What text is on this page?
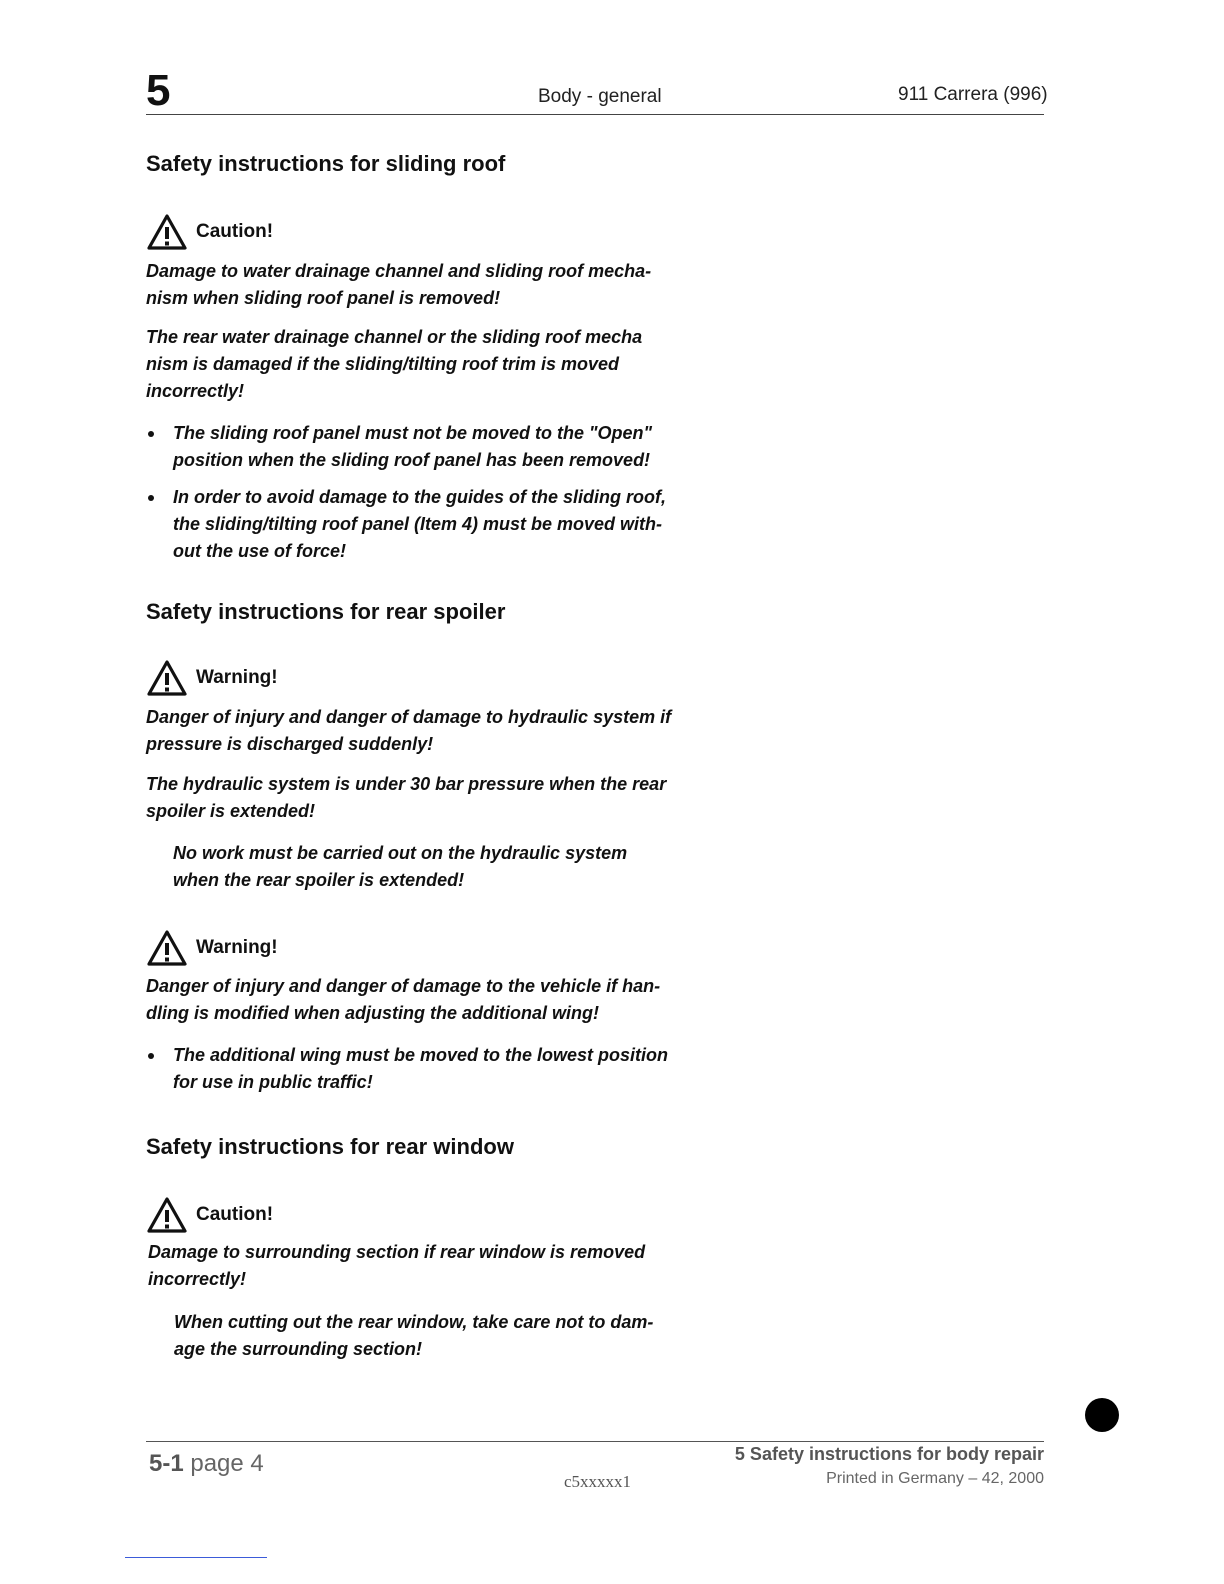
5	Body - general	911 Carrera (996)
Safety instructions for sliding roof
Caution!
Damage to water drainage channel and sliding roof mecha-nism when sliding roof panel is removed!
The rear water drainage channel or the sliding roof mecha nism is damaged if the sliding/tilting roof trim is moved incorrectly!
The sliding roof panel must not be moved to the "Open" position when the sliding roof panel has been removed!
In order to avoid damage to the guides of the sliding roof, the sliding/tilting roof panel (Item 4) must be moved with-out the use of force!
Safety instructions for rear spoiler
Warning!
Danger of injury and danger of damage to hydraulic system if pressure is discharged suddenly!
The hydraulic system is under 30 bar pressure when the rear spoiler is extended!
No work must be carried out on the hydraulic system when the rear spoiler is extended!
Warning!
Danger of injury and danger of damage to the vehicle if han-dling is modified when adjusting the additional wing!
The additional wing must be moved to the lowest position for use in public traffic!
Safety instructions for rear window
Caution!
Damage to surrounding section if rear window is removed incorrectly!
When cutting out the rear window, take care not to dam-age the surrounding section!
5-1 page 4
c5xxxxx1
5 Safety instructions for body repair
Printed in Germany – 42, 2000
